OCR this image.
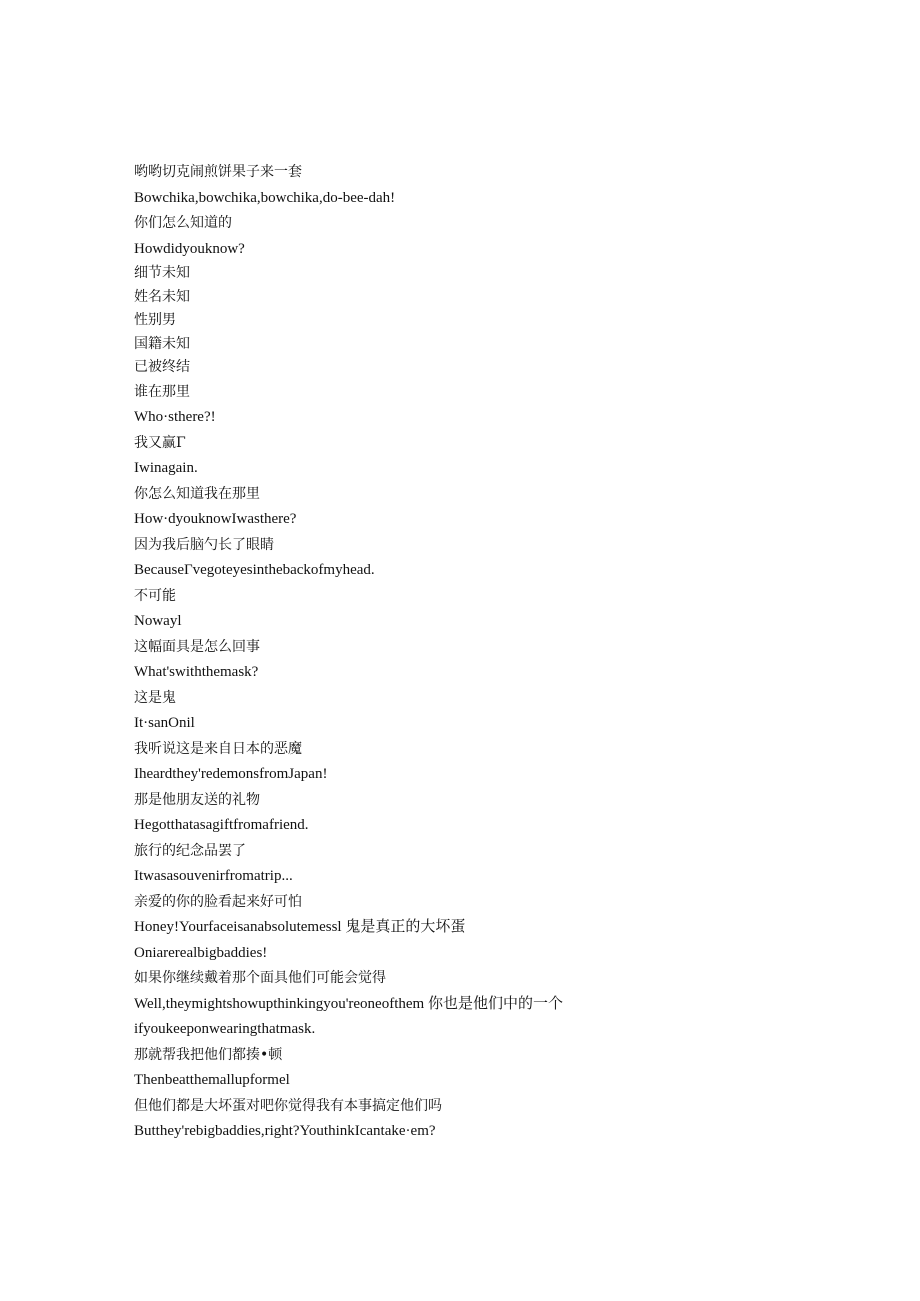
哟哟切克闹煎饼果子来一套
Bowchika,bowchika,bowchika,do-bee-dah!
你们怎么知道的
Howdidyouknow?
细节未知
姓名未知
性别男
国籍未知
已被终结
谁在那里
Who·sthere?!
我又赢Γ
Iwinagain.
你怎么知道我在那里
How·dyouknowIwasthere?
因为我后脑勺长了眼睛
BecauseΓvegoteyesinthebackofmyhead.
不可能
Nowayl
这幅面具是怎么回事
What'swiththemask?
这是鬼
It·sanOnil
我听说这是来自日本的恶魔
Iheardthey'redemonsfromJapan!
那是他朋友送的礼物
Hegotthatasagiftfromafriend.
旅行的纪念品罢了
Itwasasouvenirfromatrip...
亲爱的你的脸看起来好可怕
Honey!Yourfaceisanabsolutemessl 鬼是真正的大坏蛋
Oniarerealbigbaddies!
如果你继续戴着那个面具他们可能会觉得
Well,theymightshowupthinkingyou'reoneofthem 你也是他们中的一个
ifyoukeeponwearingthatmask.
那就帮我把他们都揍•顿
Thenbeatthemallupformel
但他们都是大坏蛋对吧你觉得我有本事搞定他们吗
Butthey'rebigbaddies,right?YouthinkIcantake·em?
